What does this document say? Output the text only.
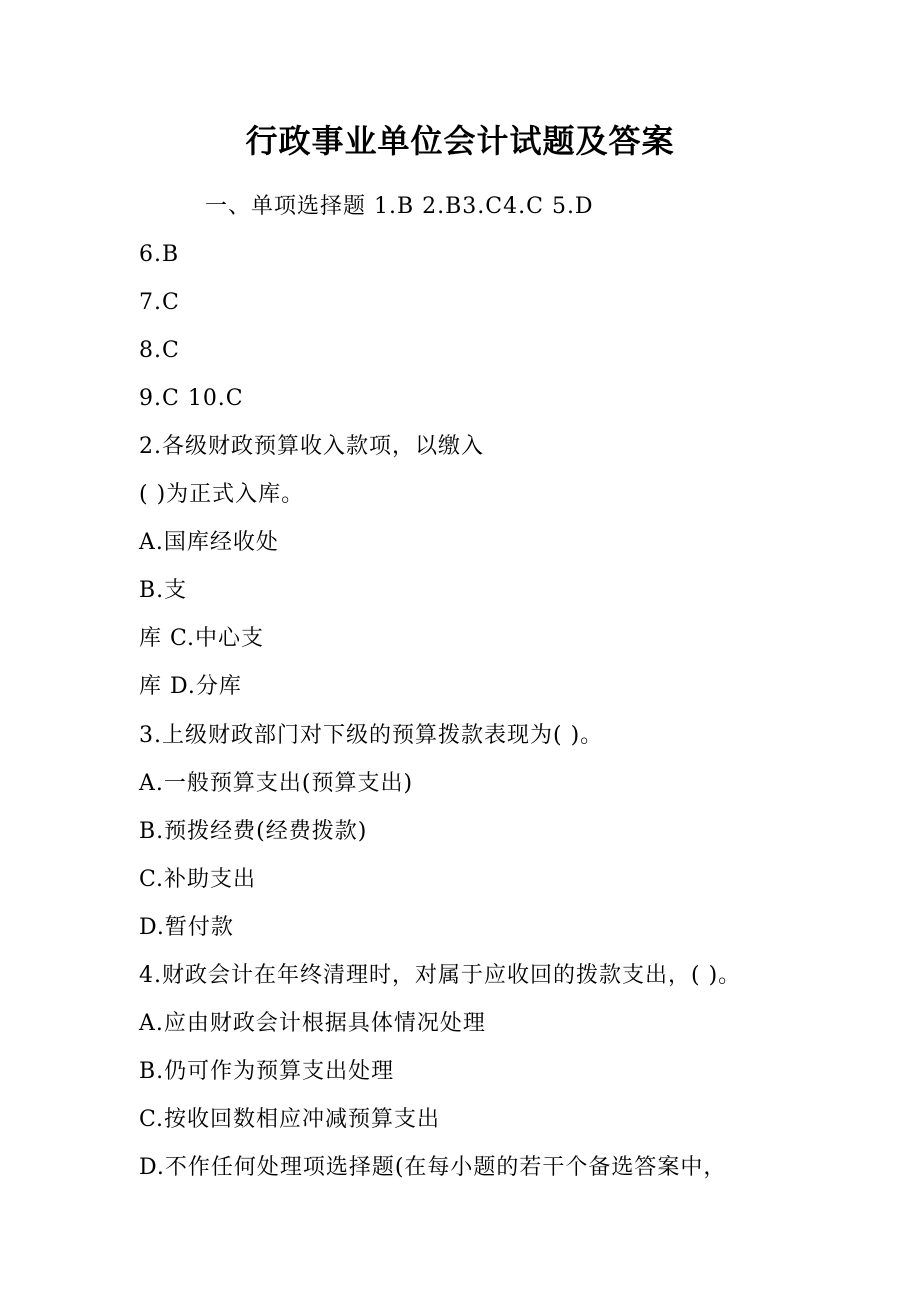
行政事业单位会计试题及答案
一、单项选择题 1.B 2.B3.C4.C 5.D
6.B
7.C
8.C
9.C 10.C
2.各级财政预算收入款项，以缴入
( )为正式入库。
A.国库经收处
B.支
库 C.中心支
库 D.分库
3.上级财政部门对下级的预算拨款表现为( )。
A.一般预算支出(预算支出)
B.预拨经费(经费拨款)
C.补助支出
D.暂付款
4.财政会计在年终清理时，对属于应收回的拨款支出，( )。
A.应由财政会计根据具体情况处理
B.仍可作为预算支出处理
C.按收回数相应冲减预算支出
D.不作任何处理项选择题(在每小题的若干个备选答案中，
